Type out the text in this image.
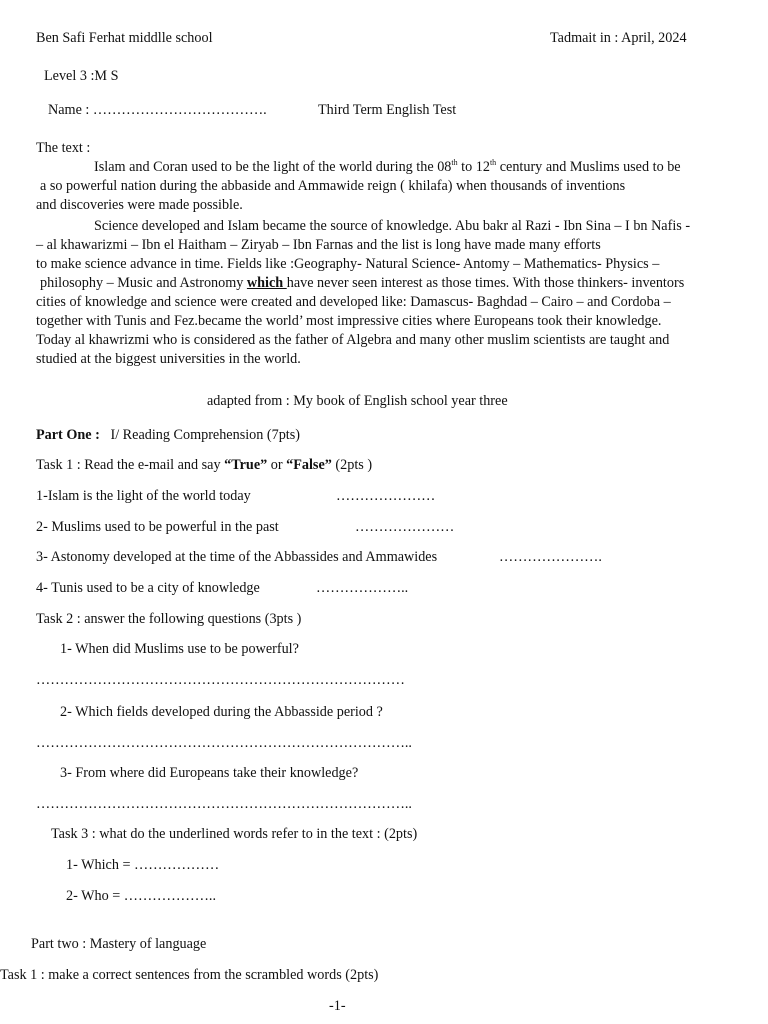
Ben Safi Ferhat middlle school	Tadmait in : April, 2024
Level 3 :M S
Name : ……………………………….	Third Term English Test
The text :
Islam and Coran used to be the light of the world during the 08th to 12th century and Muslims used to be
a so powerful nation during the abbaside and Ammawide reign ( khilafa) when thousands of inventions
and discoveries were made possible.
Science developed and Islam became the source of knowledge. Abu bakr al Razi - Ibn Sina – I bn Nafis -
– al khawarizmi – Ibn el Haitham – Ziryab – Ibn Farnas and the list is long have made many efforts
to make science advance in time. Fields like :Geography- Natural Science- Antomy – Mathematics- Physics –
philosophy – Music and Astronomy which have never seen interest as those times. With those thinkers- inventors
cities of knowledge and science were created and developed like: Damascus- Baghdad – Cairo – and Cordoba –
together with Tunis and Fez.became the world’ most impressive cities where Europeans took their knowledge.
Today al khawrizmi who is considered as the father of Algebra and many other muslim scientists are taught and
studied at the biggest universities in the world.
adapted from : My book of English school year three
Part One : I/ Reading Comprehension (7pts)
Task 1 : Read the e-mail and say “True” or “False” (2pts )
1-Islam is the light of the world today	…………………
2- Muslims used to be powerful in the past	…………………
3- Astonomy developed at the time of the Abbassides and Ammawides	………………….
4- Tunis used to be a city of knowledge	………………..
Task 2 : answer the following questions (3pts )
1- When did Muslims use to be powerful?
……………………………………………………………………
2- Which fields developed during the Abbasside period ?
……………………………………………………………………..
3- From where did Europeans take their knowledge?
……………………………………………………………………..
Task 3 : what do the underlined words refer to in the text : (2pts)
1- Which = ………………
2- Who = ………………..
Part two : Mastery of language
Task 1 : make a correct sentences from the scrambled words (2pts)
-1-
